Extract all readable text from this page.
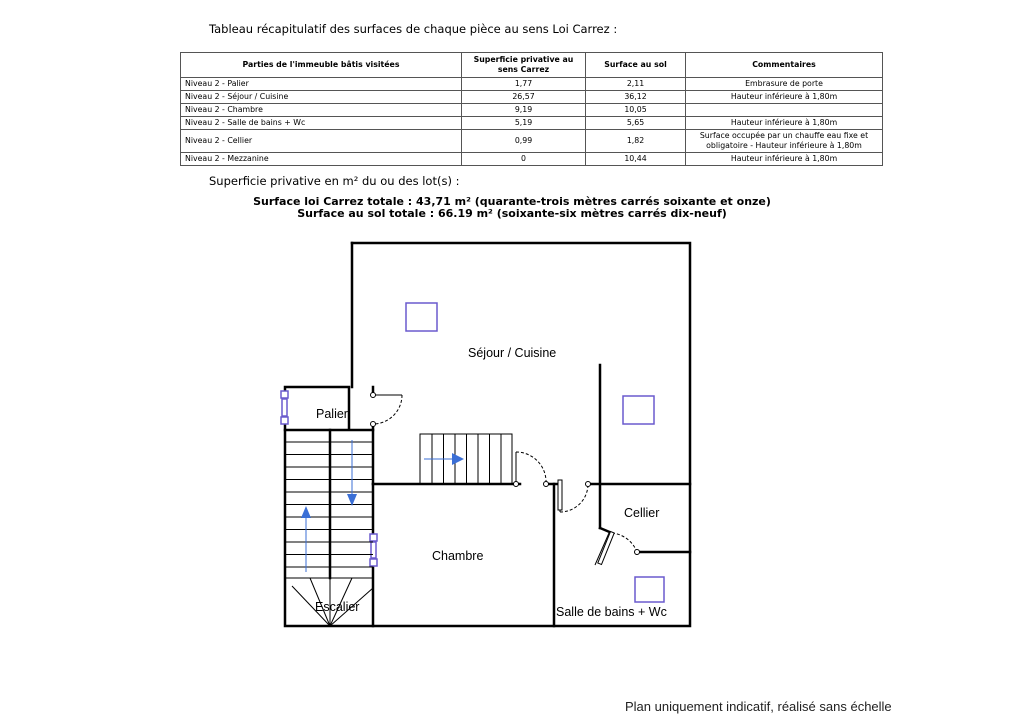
Tableau récapitulatif des surfaces de chaque pièce au sens Loi Carrez :
Parties de l'immeuble bâtis visitées	Superficie privative au sens Carrez	Surface au sol	Commentaires
Niveau 2 - Palier	1,77	2,11	Embrasure de porte
Niveau 2 - Séjour / Cuisine	26,57	36,12	Hauteur inférieure à 1,80m
Niveau 2 - Chambre	9,19	10,05	
Niveau 2 - Salle de bains + Wc	5,19	5,65	Hauteur inférieure à 1,80m
Niveau 2 - Cellier	0,99	1,82	Surface occupée par un chauffe eau fixe et obligatoire - Hauteur inférieure à 1,80m
Niveau 2 - Mezzanine	0	10,44	Hauteur inférieure à 1,80m
Superficie privative en m² du ou des lot(s) :
Surface loi Carrez totale : 43,71 m² (quarante-trois mètres carrés soixante et onze)
Surface au sol totale : 66.19 m² (soixante-six mètres carrés dix-neuf)
Séjour / Cuisine
Palier
Chambre
Cellier
Escalier	Salle de bains + Wc
Plan uniquement indicatif, réalisé sans échelle
